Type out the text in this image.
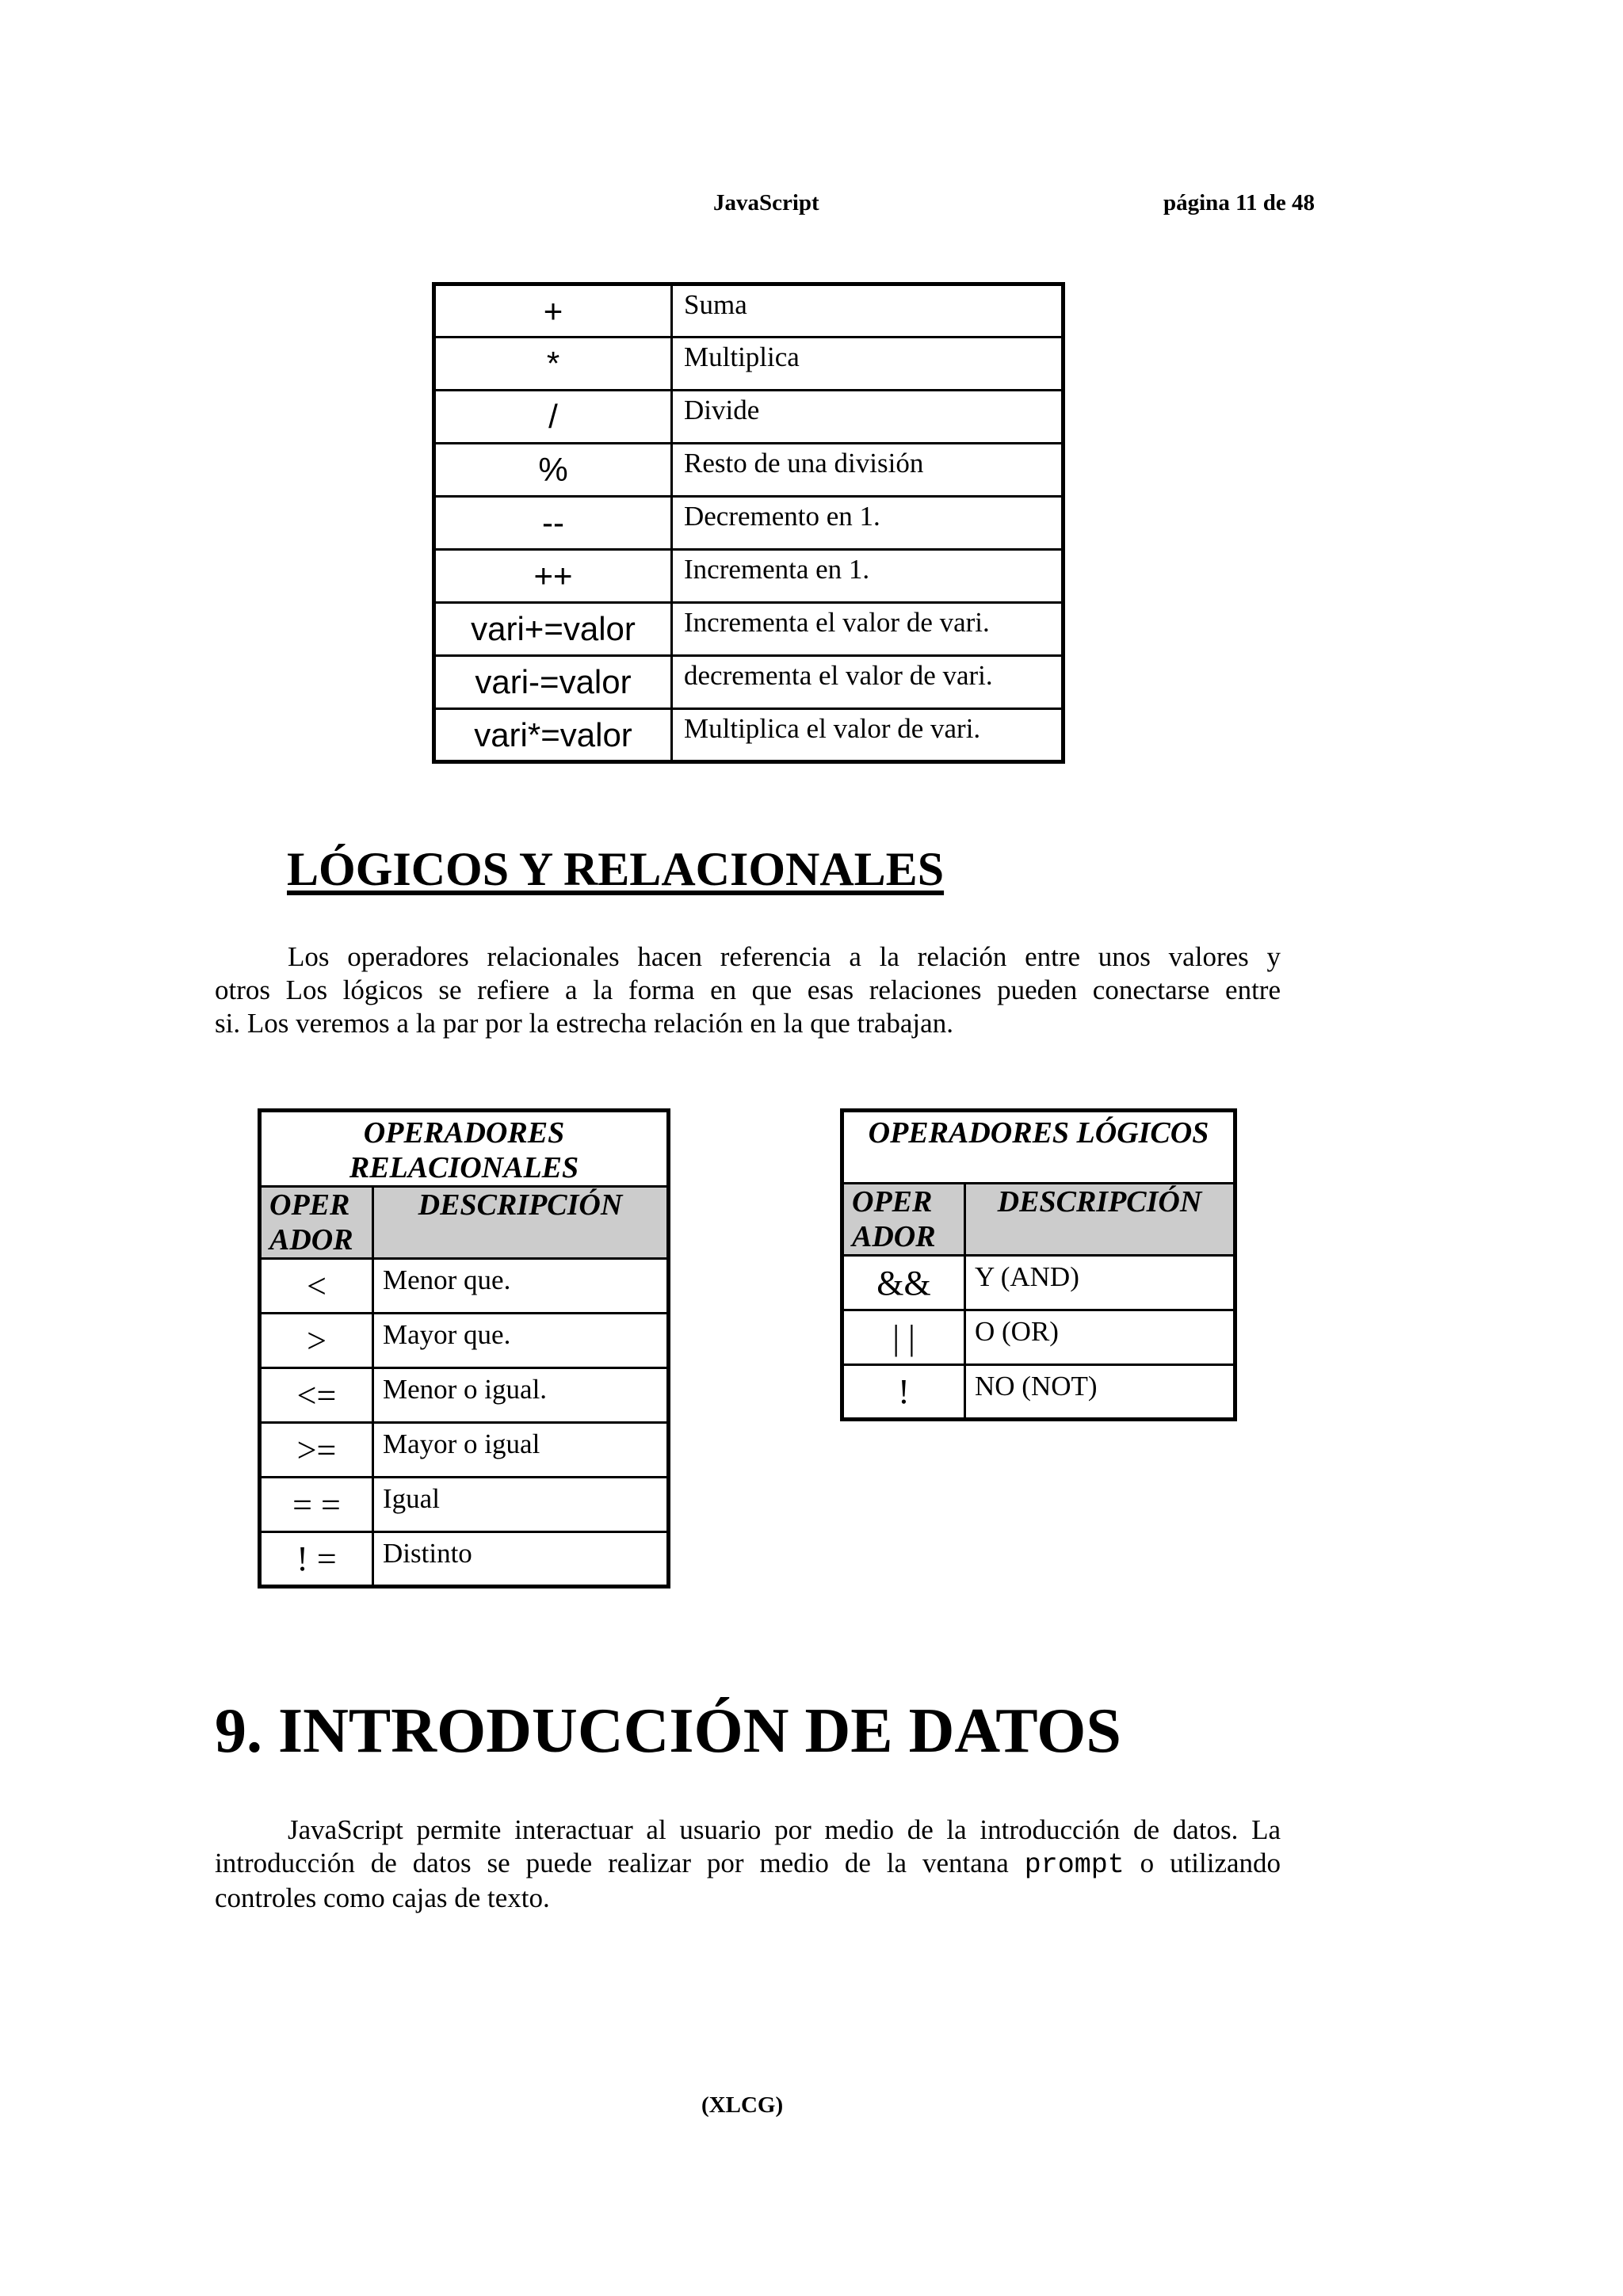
JavaScript	página 11 de 48
+	Suma
*	Multiplica
/	Divide
%	Resto de una división
--	Decremento en 1.
++	Incrementa en 1.
vari+=valor	Incrementa el valor de vari.
vari-=valor	decrementa el valor de vari.
vari*=valor	Multiplica el valor de vari.
LÓGICOS Y RELACIONALES
Los operadores relacionales hacen referencia a la relación entre unos valores y
otros Los lógicos se refiere a la forma en que esas relaciones pueden conectarse entre
si. Los veremos a la par por la estrecha relación en la que trabajan.
OPERADORES
RELACIONALES	
OPER
ADOR	DESCRIPCIÓN
<	Menor que.
>	Mayor que.
<=	Menor o igual.
>=	Mayor o igual
= =	Igual
! =	Distinto
OPERADORES LÓGICOS	
OPER
ADOR	DESCRIPCIÓN
&&	Y (AND)
| |	O (OR)
!	NO (NOT)
9. INTRODUCCIÓN DE DATOS
JavaScript permite interactuar al usuario por medio de la introducción de datos. La
introducción de datos se puede realizar por medio de la ventana prompt o utilizando
controles como cajas de texto.
(XLCG)
